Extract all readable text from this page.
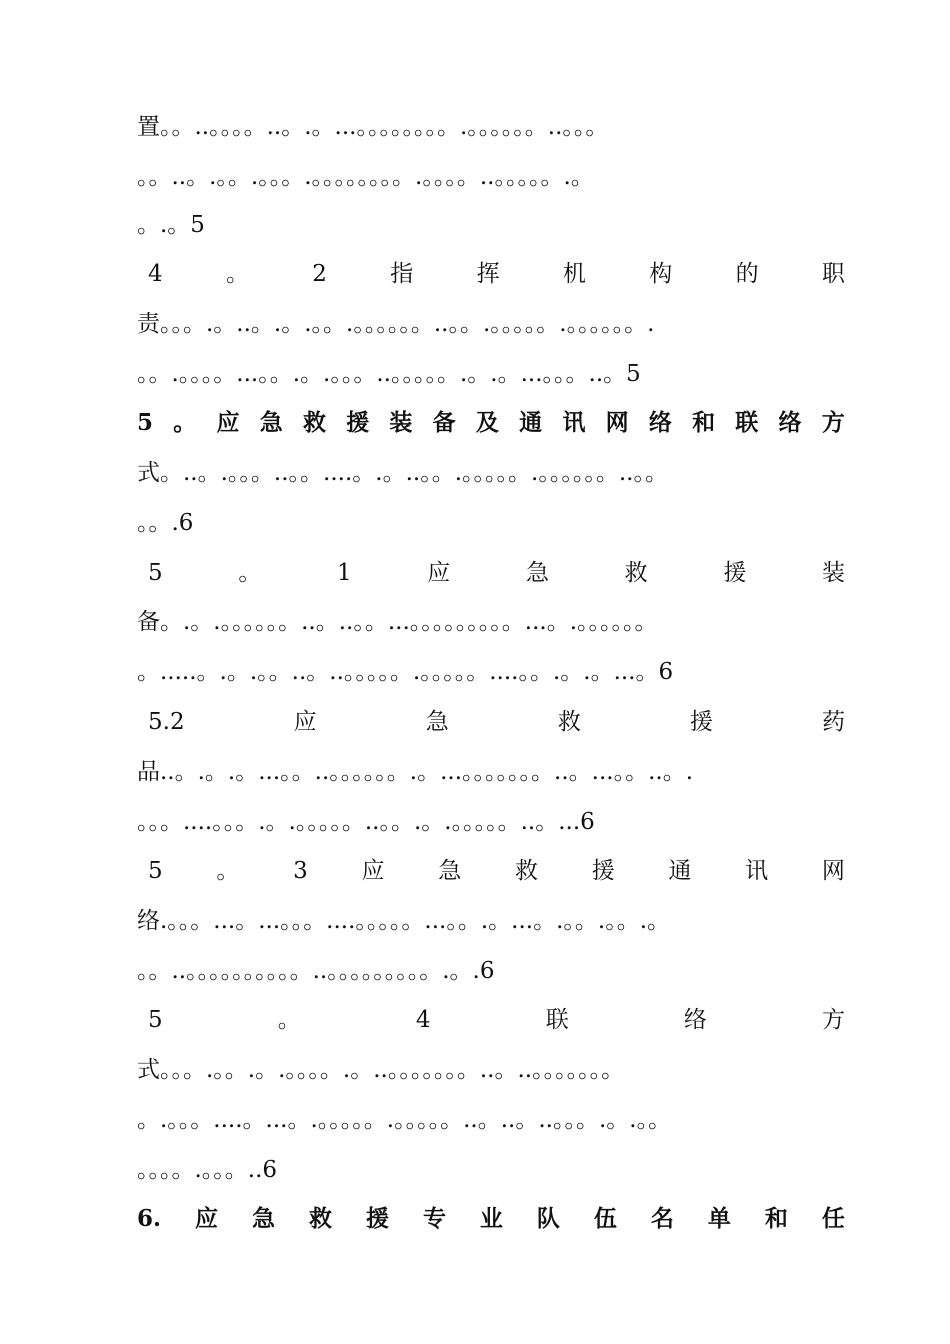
置。。..。。。。..。.。...。。。。。。。。.。。。。。。..。。。
。。..。.。。.。。。.。。。。。。。。.。。。。..。。。。。.。
。.。5
4	。	2	指	挥	机	构	的	职
责。。。.。..。.。.。。.。。。。。。..。。.。。。。。.。。。。。。.
。。.。。。。...。。.。.。。。..。。。。。.。.。...。。。..。5
5 。 应 急 救 援 装 备 及 通 讯 网 络 和 联 络 方
式。..。.。。。..。。....。.。..。。.。。。。。.。。。。。。..。。
。。.6
5	。	1	应	急	救	援	装
备。.。.。。。。。。..。..。。...。。。。。。。。。...。.。。。。。。
。.....。.。.。。..。..。。。。。.。。。。。....。。.。.。...。6
5.2	应	急	救	援	药
品..。.。.。...。。..。。。。。。.。...。。。。。。。..。...。。..。.
。。。....。。。.。.。。。。。..。。.。.。。。。。..。...6
5 。 3 应 急 救 援 通 讯 网
络.。。。...。...。。。....。。。。。...。。.。...。.。。.。。.。
。。..。。。。。。。。。。..。。。。。。。。。.。.6
5	。	4	联	络	方
式。。。.。。.。.。。。。.。..。。。。。。。..。..。。。。。。。
。.。。。....。...。.。。。。。.。。。。。..。..。..。。。.。.。。
。。。。.。。。..6
6. 应 急 救 援 专 业 队 伍 名 单 和 任
